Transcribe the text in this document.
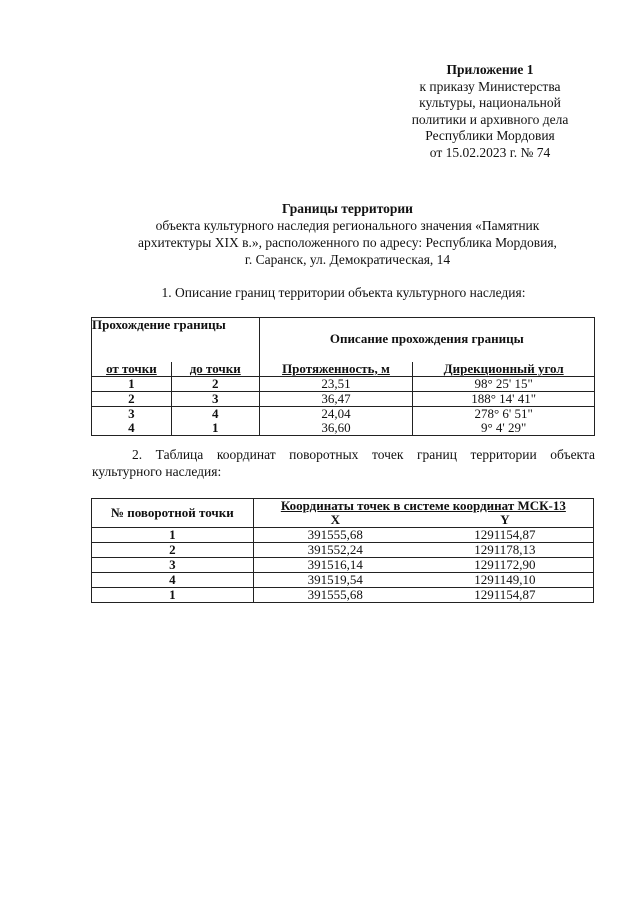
Приложение 1
к приказу Министерства
культуры, национальной
политики и архивного дела
Республики Мордовия
от 15.02.2023 г. № 74
Границы территории
объекта культурного наследия регионального значения «Памятник
архитектуры XIX в.», расположенного по адресу: Республика Мордовия,
г. Саранск, ул. Демократическая, 14
1. Описание границ территории объекта культурного наследия:
Прохождение границы		Описание прохождения границы	
от точки	до точки	Протяженность, м	Дирекционный угол
1	2	23,51	98° 25' 15"
2	3	36,47	188° 14' 41"
3	4	24,04	278° 6' 51"
4	1	36,60	9° 4' 29"
2. Таблица координат поворотных точек границ территории объекта культурного наследия:
№ поворотной точки	Координаты точек в системе координат МСК-13	
	X	Y
1	391555,68	1291154,87
2	391552,24	1291178,13
3	391516,14	1291172,90
4	391519,54	1291149,10
1	391555,68	1291154,87
